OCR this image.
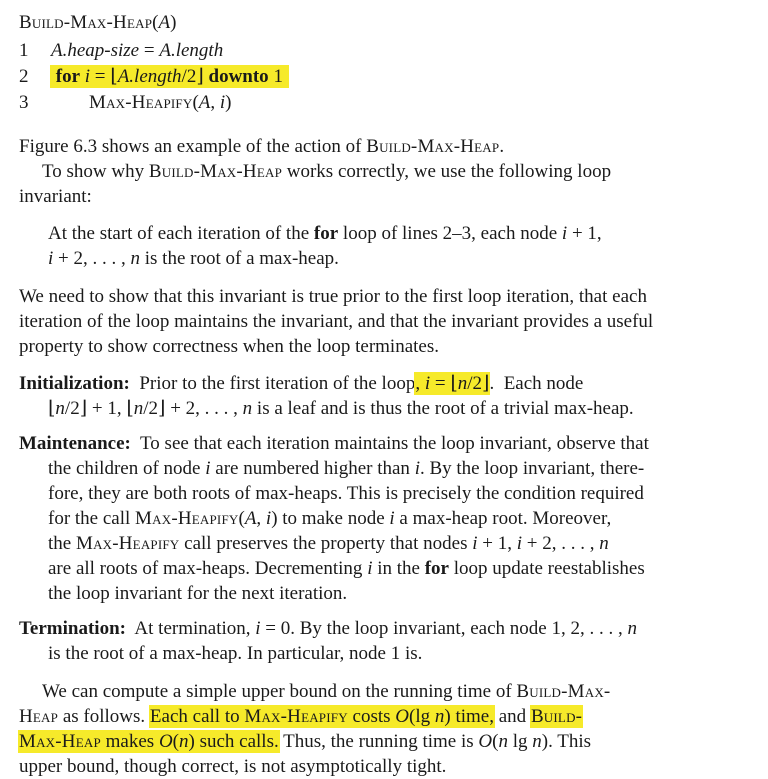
Build-Max-Heap(A)
1 A.heap-size = A.length
2 for i = ⌊A.length/2⌋ downto 1
3	Max-Heapify(A, i)
Figure 6.3 shows an example of the action of Build-Max-Heap.
To show why Build-Max-Heap works correctly, we use the following loop
invariant:
At the start of each iteration of the for loop of lines 2–3, each node i + 1,
i + 2, . . . , n is the root of a max-heap.
We need to show that this invariant is true prior to the first loop iteration, that each
iteration of the loop maintains the invariant, and that the invariant provides a useful
property to show correctness when the loop terminates.
Initialization:  Prior to the first iteration of the loop, i = ⌊n/2⌋.  Each node
⌊n/2⌋ + 1, ⌊n/2⌋ + 2, . . . , n is a leaf and is thus the root of a trivial max-heap.
Maintenance:  To see that each iteration maintains the loop invariant, observe that
the children of node i are numbered higher than i. By the loop invariant, there-
fore, they are both roots of max-heaps. This is precisely the condition required
for the call Max-Heapify(A, i) to make node i a max-heap root. Moreover,
the Max-Heapify call preserves the property that nodes i + 1, i + 2, . . . , n
are all roots of max-heaps. Decrementing i in the for loop update reestablishes
the loop invariant for the next iteration.
Termination:  At termination, i = 0. By the loop invariant, each node 1, 2, . . . , n
is the root of a max-heap. In particular, node 1 is.
We can compute a simple upper bound on the running time of Build-Max-
Heap as follows. Each call to Max-Heapify costs O(lg n) time, and Build-
Max-Heap makes O(n) such calls. Thus, the running time is O(n lg n). This
upper bound, though correct, is not asymptotically tight.
